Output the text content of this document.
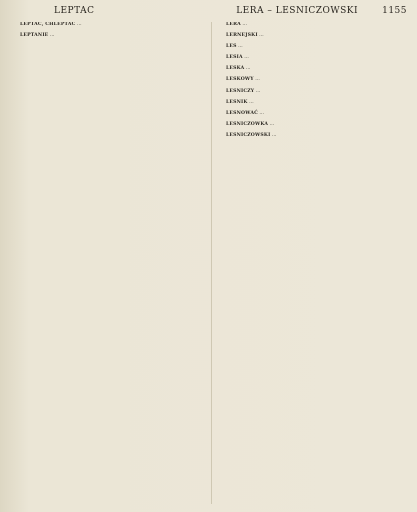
LEPTAC	LERA – LESNICZOWSKI	1155

LEPTAC, CHLEPTAĆ …

LEPTANIE …

LERA …

LERNEJSKI …

LES …

LESIA …

LESKA …

LESKOWY …

LESNICZY …

LESNIK …

LESNOWAĆ …

LESNICZOWKA …

LESNICZOWSKI …
